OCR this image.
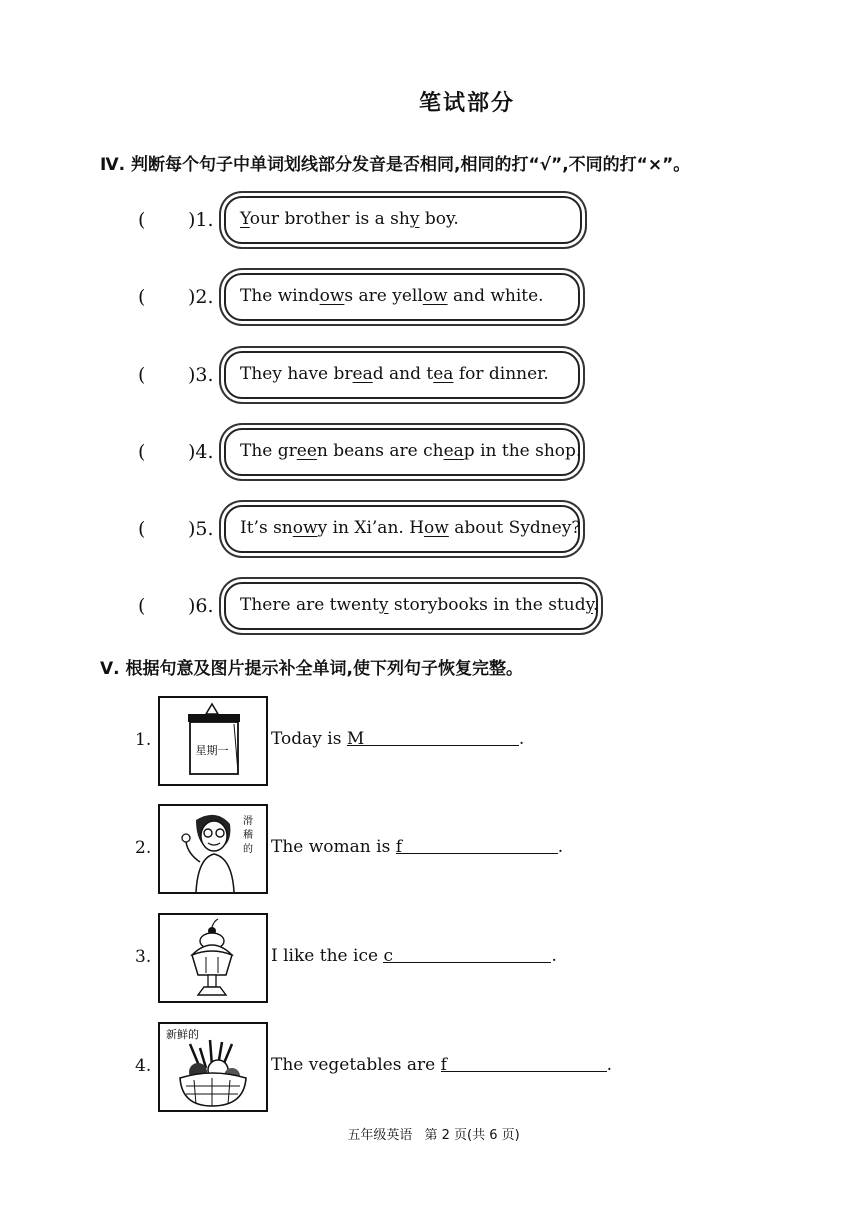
笔试部分
Ⅳ. 判断每个句子中单词划线部分发音是否相同,相同的打“√”,不同的打“×”。
( )1. Your brother is a shy boy.
( )2. The windows are yellow and white.
( )3. They have bread and tea for dinner.
( )4. The green beans are cheap in the shop.
( )5. It’s snowy in Xi’an. How about Sydney?
( )6. There are twenty storybooks in the study.
Ⅴ. 根据句意及图片提示补全单词,使下列句子恢复完整。
1.
星期一
Today is M	.
2.
滑
稽
的 The woman is f	.
3.	I like the ice c	.
4.
新鲜的
The vegetables are f	.
五年级英语 第 2 页(共 6 页)
